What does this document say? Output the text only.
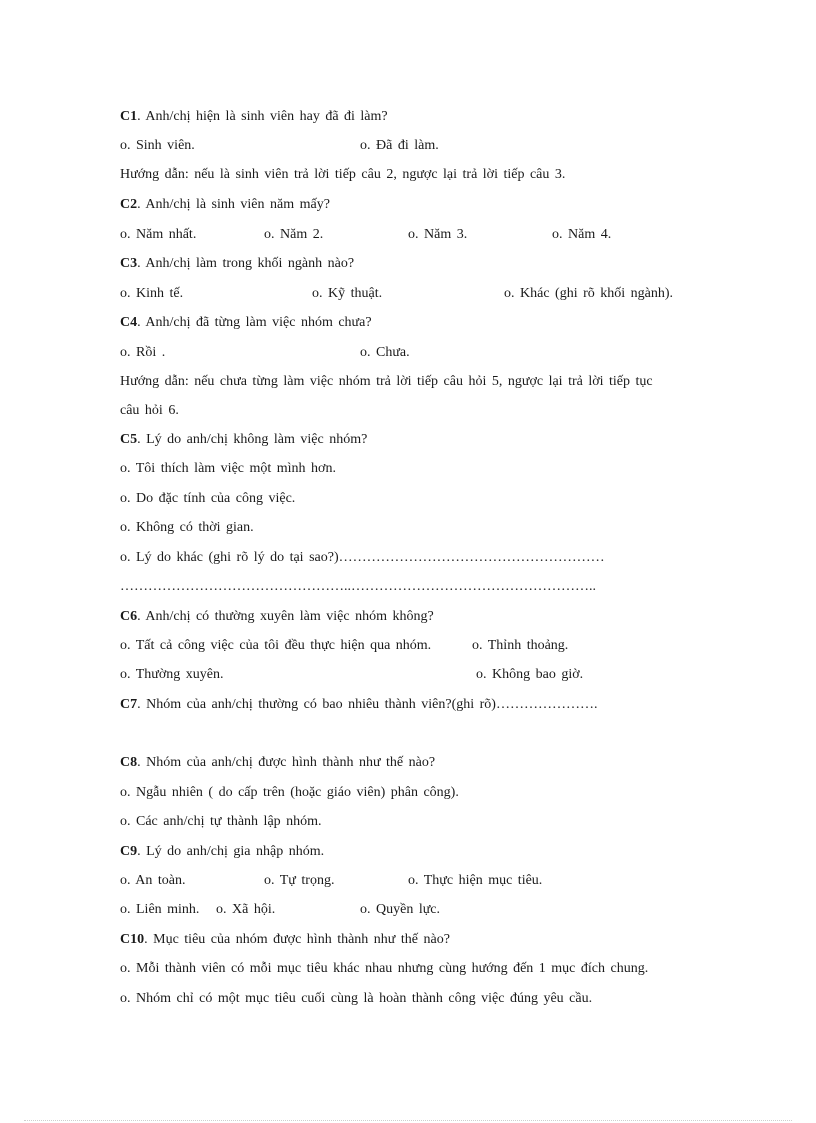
C1. Anh/chị hiện là sinh viên hay đã đi làm?
o. Sinh viên.	o. Đã đi làm.
Hướng dẫn: nếu là sinh viên trả lời tiếp câu 2, ngược lại trả lời tiếp câu 3.
C2. Anh/chị là sinh viên năm mấy?
o. Năm nhất.	o. Năm 2.	o. Năm 3.	o. Năm 4.
C3. Anh/chị làm trong khối ngành nào?
o. Kinh tế.	o. Kỹ thuật.	o. Khác (ghi rõ khối ngành).
C4. Anh/chị đã từng làm việc nhóm chưa?
o. Rồi .	o. Chưa.
Hướng dẫn: nếu chưa từng làm việc nhóm trả lời tiếp câu hỏi 5, ngược lại trả lời tiếp tục
câu hỏi 6.
C5. Lý do anh/chị không làm việc nhóm?
o. Tôi thích làm việc một mình hơn.
o. Do đặc tính của công việc.
o. Không có thời gian.
o. Lý do khác (ghi rõ lý do tại sao?)…………………………………………………
…………………………………………..……………………………………………..
C6. Anh/chị có thường xuyên làm việc nhóm không?
o. Tất cả công việc của tôi đều thực hiện qua nhóm.	o. Thỉnh thoảng.
o. Thường xuyên.	o. Không bao giờ.
C7. Nhóm của anh/chị thường có bao nhiêu thành viên?(ghi rõ)………………….
C8. Nhóm của anh/chị được hình thành như thế nào?
o. Ngẫu nhiên ( do cấp trên (hoặc giáo viên) phân công).
o. Các anh/chị tự thành lập nhóm.
C9. Lý do anh/chị gia nhập nhóm.
o. An toàn.	o. Tự trọng.	o. Thực hiện mục tiêu.
o. Liên minh. o. Xã hội.	o. Quyền lực.
C10. Mục tiêu của nhóm được hình thành như thế nào?
o. Mỗi thành viên có mỗi mục tiêu khác nhau nhưng cùng hướng đến 1 mục đích chung.
o. Nhóm chỉ có một mục tiêu cuối cùng là hoàn thành công việc đúng yêu cầu.
